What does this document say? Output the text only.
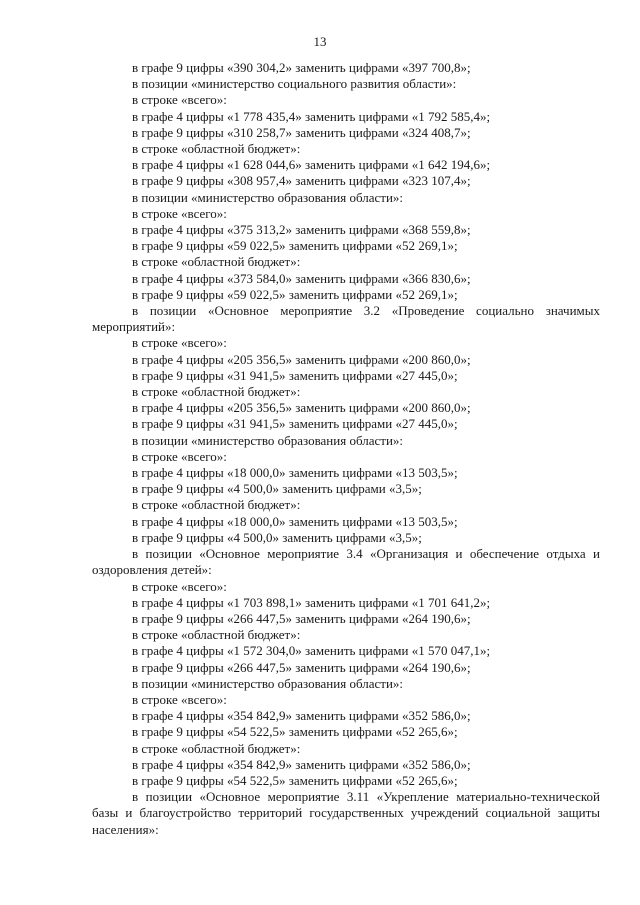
13
в графе 9 цифры «390 304,2» заменить цифрами «397 700,8»;
в позиции «министерство социального развития области»:
в строке «всего»:
в графе 4 цифры «1 778 435,4» заменить цифрами «1 792 585,4»;
в графе 9 цифры «310 258,7» заменить цифрами «324 408,7»;
в строке «областной бюджет»:
в графе 4 цифры «1 628 044,6» заменить цифрами «1 642 194,6»;
в графе 9 цифры «308 957,4» заменить цифрами «323 107,4»;
в позиции «министерство образования области»:
в строке «всего»:
в графе 4 цифры «375 313,2» заменить цифрами «368 559,8»;
в графе 9 цифры «59 022,5» заменить цифрами «52 269,1»;
в строке «областной бюджет»:
в графе 4 цифры «373 584,0» заменить цифрами «366 830,6»;
в графе 9 цифры «59 022,5» заменить цифрами «52 269,1»;
в позиции «Основное мероприятие 3.2 «Проведение социально значимых мероприятий»:
в строке «всего»:
в графе 4 цифры «205 356,5» заменить цифрами «200 860,0»;
в графе 9 цифры «31 941,5» заменить цифрами «27 445,0»;
в строке «областной бюджет»:
в графе 4 цифры «205 356,5» заменить цифрами «200 860,0»;
в графе 9 цифры «31 941,5» заменить цифрами «27 445,0»;
в позиции «министерство образования области»:
в строке «всего»:
в графе 4 цифры «18 000,0» заменить цифрами «13 503,5»;
в графе 9 цифры «4 500,0» заменить цифрами «3,5»;
в строке «областной бюджет»:
в графе 4 цифры «18 000,0» заменить цифрами «13 503,5»;
в графе 9 цифры «4 500,0» заменить цифрами «3,5»;
в позиции «Основное мероприятие 3.4 «Организация и обеспечение отдыха и оздоровления детей»:
в строке «всего»:
в графе 4 цифры «1 703 898,1» заменить цифрами «1 701 641,2»;
в графе 9 цифры «266 447,5» заменить цифрами «264 190,6»;
в строке «областной бюджет»:
в графе 4 цифры «1 572 304,0» заменить цифрами «1 570 047,1»;
в графе 9 цифры «266 447,5» заменить цифрами «264 190,6»;
в позиции «министерство образования области»:
в строке «всего»:
в графе 4 цифры «354 842,9» заменить цифрами «352 586,0»;
в графе 9 цифры «54 522,5» заменить цифрами «52 265,6»;
в строке «областной бюджет»:
в графе 4 цифры «354 842,9» заменить цифрами «352 586,0»;
в графе 9 цифры «54 522,5» заменить цифрами «52 265,6»;
в позиции «Основное мероприятие 3.11 «Укрепление материально-технической базы и благоустройство территорий государственных учреждений социальной защиты населения»:
